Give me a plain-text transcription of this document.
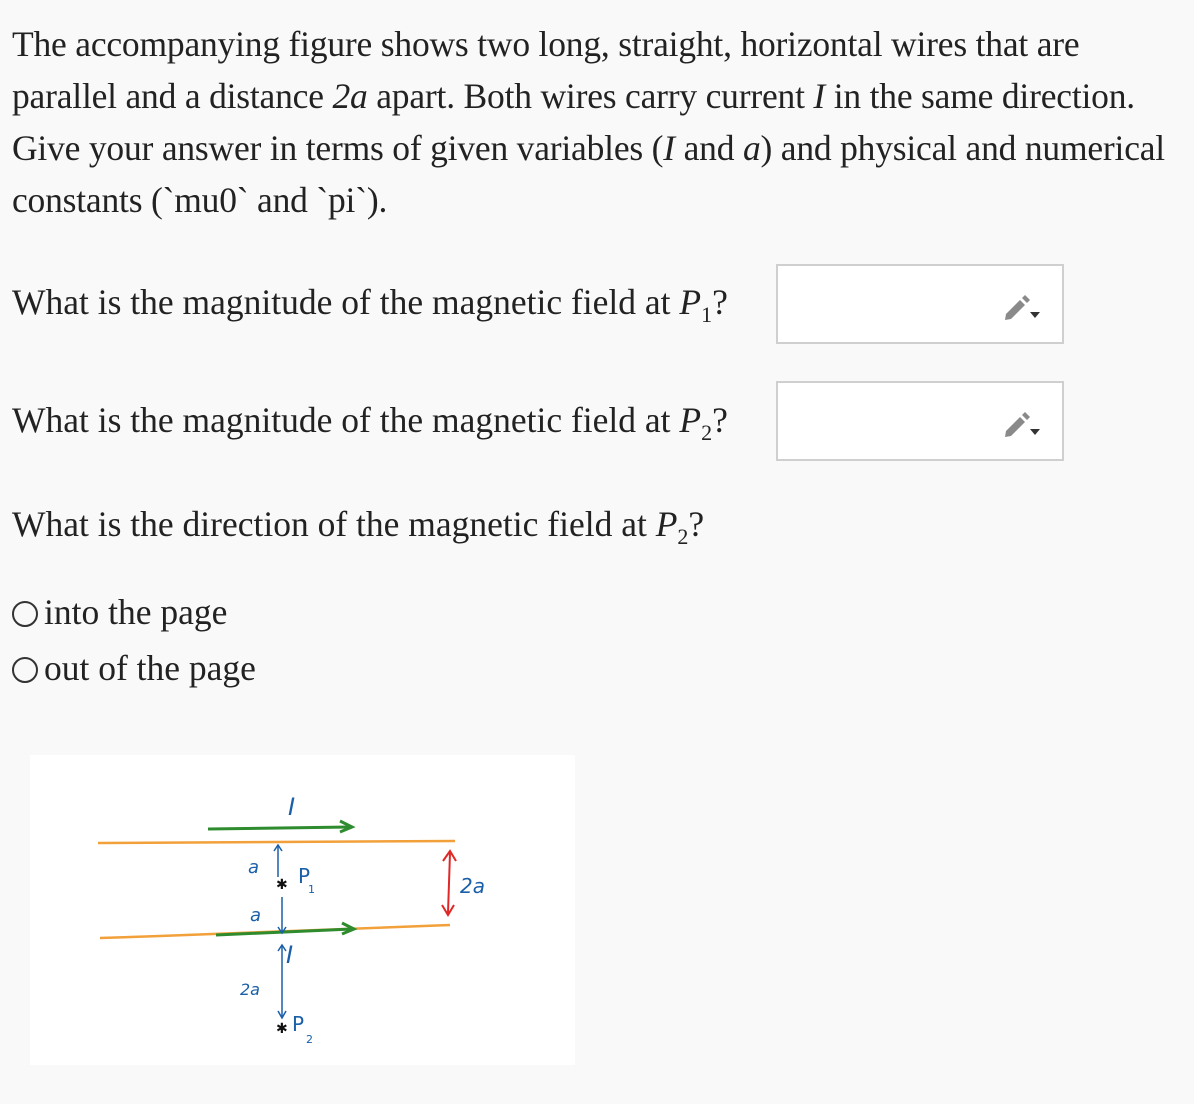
The accompanying figure shows two long, straight, horizontal wires that are parallel and a distance 2a apart. Both wires carry current I in the same direction. Give your answer in terms of given variables (I and a) and physical and numerical constants (`mu0` and `pi`).
What is the magnitude of the magnetic field at $P_1$?
What is the magnitude of the magnetic field at $P_2$?
What is the direction of the magnetic field at $P_2$?
into the page
out of the page
I
I
a
a
2a
✱ P
1
✱ P
2
2a
